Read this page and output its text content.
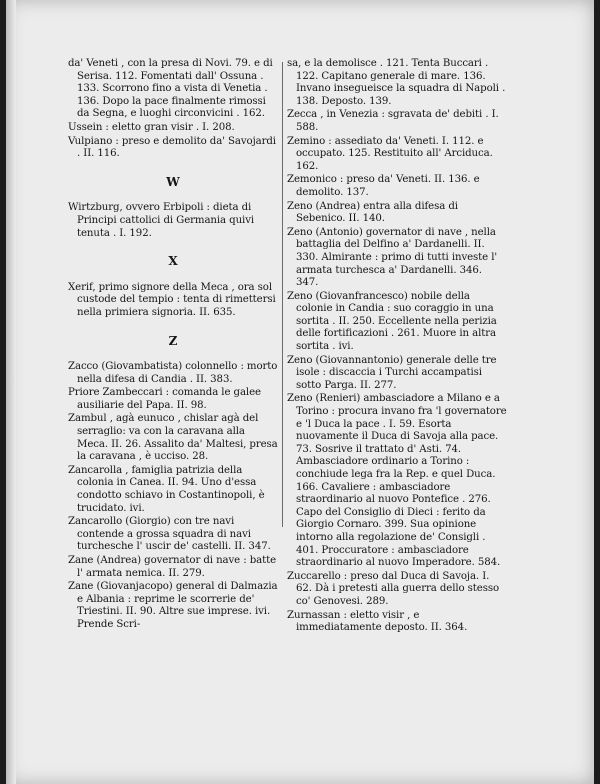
da' Veneti , con la presa di Novi. 79. e di Serisa. 112. Fomentati dall' Ossuna . 133. Scorrono fino a vista di Venetia . 136. Dopo la pace finalmente rimossi da Segna, e luoghi circonvicini . 162.
Ussein : eletto gran visir . I. 208.
Vulpiano : preso e demolito da' Savojardi . II. 116.
W
Wirtzburg, ovvero Erbipoli : dieta di Principi cattolici di Germania quivi tenuta . I. 192.
X
Xerif, primo signore della Meca , ora sol custode del tempio : tenta di rimettersi nella primiera signoria. II. 635.
Z
Zacco (Giovambatista) colonnello : morto nella difesa di Candia . II. 383.
Priore Zambeccari : comanda le galee ausiliarie del Papa. II. 98.
Zambul , agà eunuco , chislar agà del serraglio: va con la caravana alla Meca. II. 26. Assalito da' Maltesi, presa la caravana , è ucciso. 28.
Zancarolla , famiglia patrizia della colonia in Canea. II. 94. Uno d'essa condotto schiavo in Costantinopoli, è trucidato. ivi.
Zancarollo (Giorgio) con tre navi contende a grossa squadra di navi turchesche l' uscir de' castelli. II. 347.
Zane (Andrea) governator di nave : batte l' armata nemica. II. 279.
Zane (Giovanjacopo) general di Dalmazia e Albania : reprime le scorrerie de' Triestini. II. 90. Altre sue imprese. ivi. Prende Scri-
sa, e la demolisce . 121. Tenta Buccari . 122. Capitano generale di mare. 136. Invano insegueisce la squadra di Napoli . 138. Deposto. 139.
Zecca , in Venezia : sgravata de' debiti . I. 588.
Zemino : assediato da' Veneti. I. 112. e occupato. 125. Restituito all' Arciduca. 162.
Zemonico : preso da' Veneti. II. 136. e demolito. 137.
Zeno (Andrea) entra alla difesa di Sebenico. II. 140.
Zeno (Antonio) governator di nave , nella battaglia del Delfino a' Dardanelli. II. 330. Almirante : primo di tutti investe l' armata turchesca a' Dardanelli. 346. 347.
Zeno (Giovanfrancesco) nobile della colonie in Candia : suo coraggio in una sortita . II. 250. Eccellente nella perizia delle fortificazioni . 261. Muore in altra sortita . ivi.
Zeno (Giovannantonio) generale delle tre isole : discaccia i Turchi accampatisi sotto Parga. II. 277.
Zeno (Renieri) ambasciadore a Milano e a Torino : procura invano fra 'l governatore e 'l Duca la pace . I. 59. Esorta nuovamente il Duca di Savoja alla pace. 73. Sosrive il trattato d' Asti. 74. Ambasciadore ordinario a Torino : conchiude lega fra la Rep. e quel Duca. 166. Cavaliere : ambasciadore straordinario al nuovo Pontefice . 276. Capo del Consiglio di Dieci : ferito da Giorgio Cornaro. 399. Sua opinione intorno alla regolazione de' Consigli . 401. Proccuratore : ambasciadore straordinario al nuovo Imperadore. 584.
Zuccarello : preso dal Duca di Savoja. I. 62. Dà i pretesti alla guerra dello stesso co' Genovesi. 289.
Zurnassan : eletto visir , e immediatamente deposto. II. 364.
